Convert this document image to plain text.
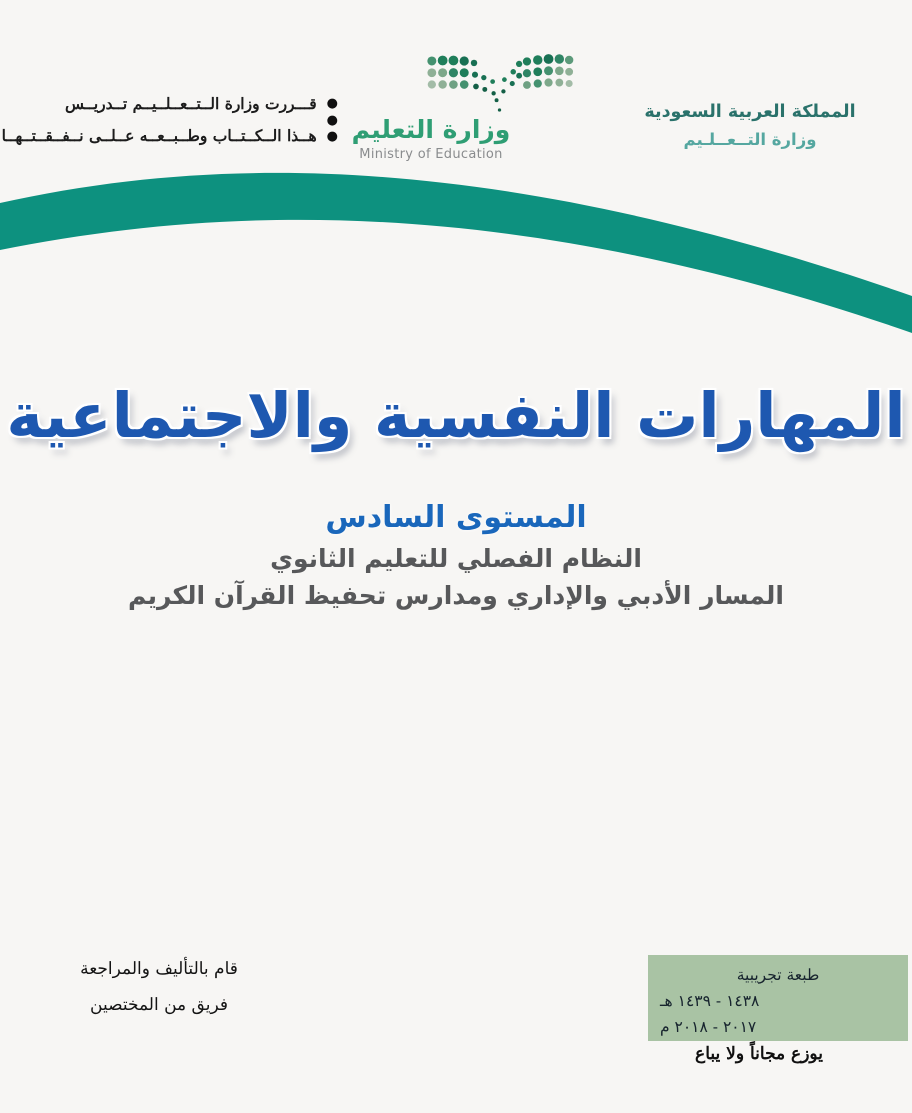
●
●
●
قـــررت وزارة الــتــعــلــيــم تــدريــس
هــذا الــكــتــاب وطــبــعــه عــلــى نــفــقــتــهــا وزارة التعليم
Ministry of Education
المملكة العربية السعودية
وزارة التــعــلـيم
المهارات النفسية والاجتماعية
المستوى السادس
النظام الفصلي للتعليم الثانوي
المسار الأدبي والإداري ومدارس تحفيظ القرآن الكريم
قام بالتأليف والمراجعة
فريق من المختصين
طبعة تجريبية
١٤٣٨ - ١٤٣٩ هـ
٢٠١٧ - ٢٠١٨ م
يوزع مجاناً ولا يباع
